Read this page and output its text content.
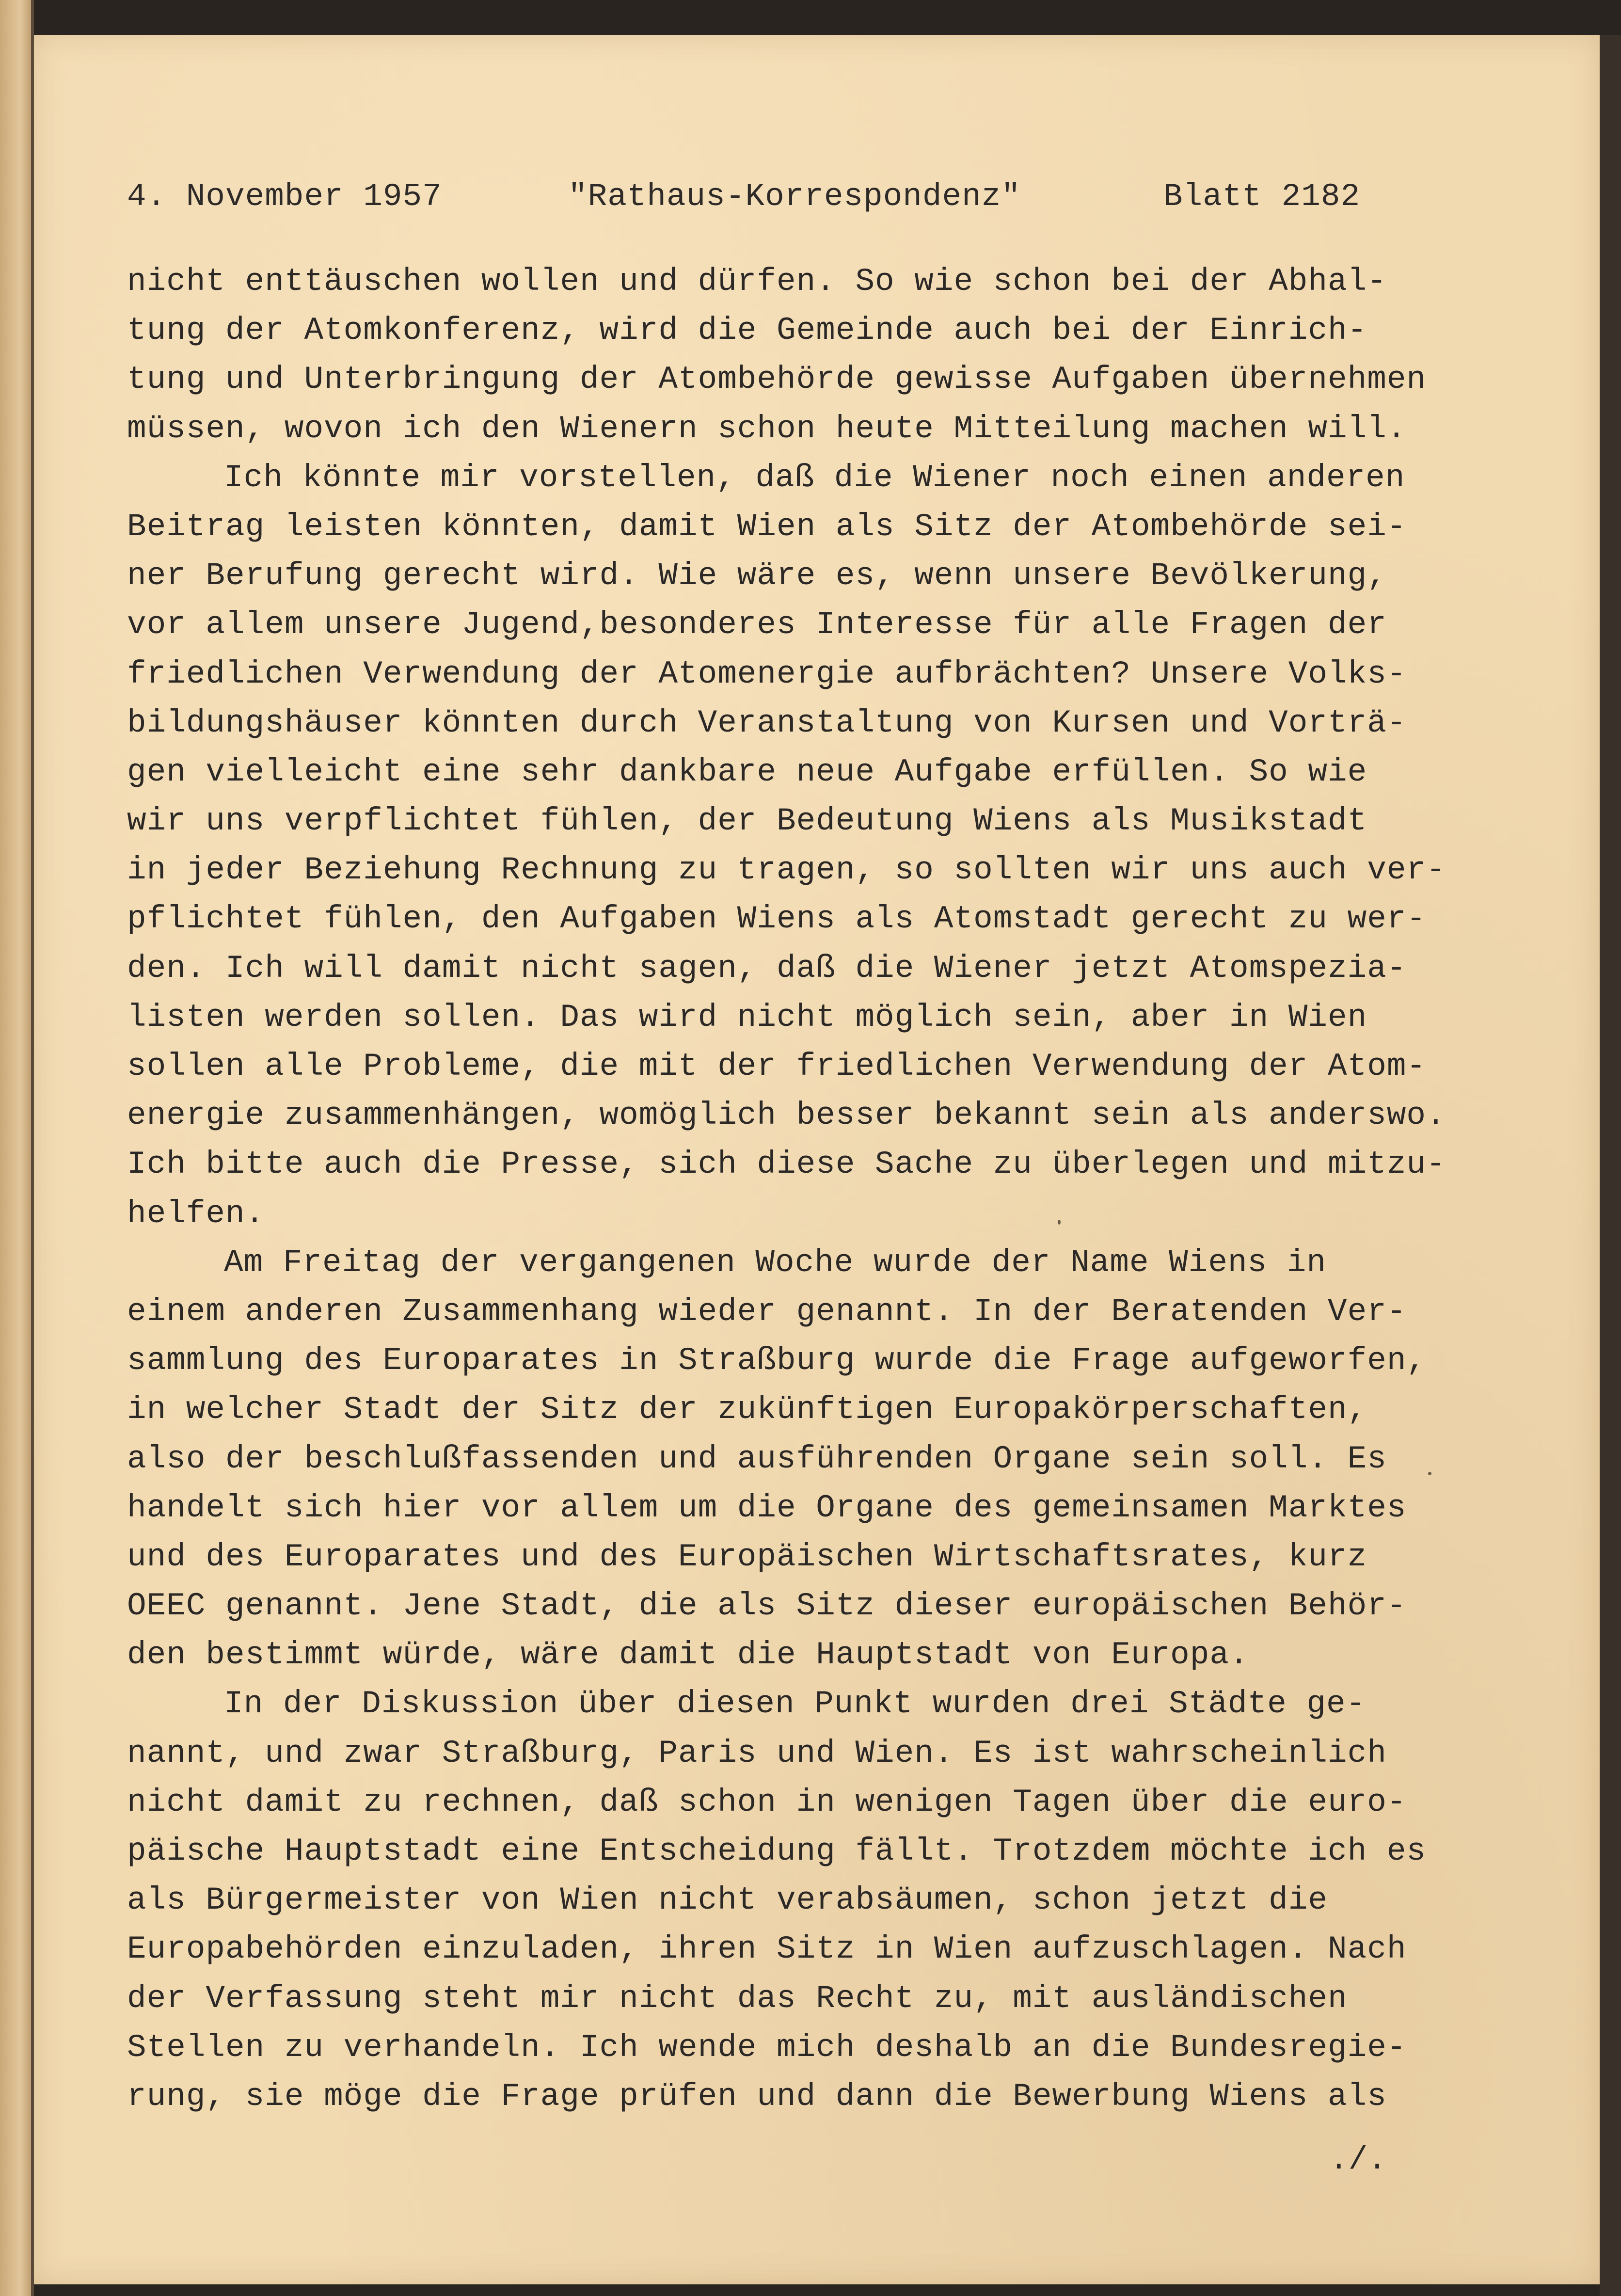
4. November 1957	"Rathaus-Korrespondenz"	Blatt 2182
nicht enttäuschen wollen und dürfen. So wie schon bei der Abhal-
tung der Atomkonferenz, wird die Gemeinde auch bei der Einrich-
tung und Unterbringung der Atombehörde gewisse Aufgaben übernehmen
müssen, wovon ich den Wienern schon heute Mitteilung machen will.
Ich könnte mir vorstellen, daß die Wiener noch einen anderen
Beitrag leisten könnten, damit Wien als Sitz der Atombehörde sei-
ner Berufung gerecht wird. Wie wäre es, wenn unsere Bevölkerung,
vor allem unsere Jugend,besonderes Interesse für alle Fragen der
friedlichen Verwendung der Atomenergie aufbrächten? Unsere Volks-
bildungshäuser könnten durch Veranstaltung von Kursen und Vorträ-
gen vielleicht eine sehr dankbare neue Aufgabe erfüllen. So wie
wir uns verpflichtet fühlen, der Bedeutung Wiens als Musikstadt
in jeder Beziehung Rechnung zu tragen, so sollten wir uns auch ver-
pflichtet fühlen, den Aufgaben Wiens als Atomstadt gerecht zu wer-
den. Ich will damit nicht sagen, daß die Wiener jetzt Atomspezia-
listen werden sollen. Das wird nicht möglich sein, aber in Wien
sollen alle Probleme, die mit der friedlichen Verwendung der Atom-
energie zusammenhängen, womöglich besser bekannt sein als anderswo.
Ich bitte auch die Presse, sich diese Sache zu überlegen und mitzu-
helfen.
Am Freitag der vergangenen Woche wurde der Name Wiens in
einem anderen Zusammenhang wieder genannt. In der Beratenden Ver-
sammlung des Europarates in Straßburg wurde die Frage aufgeworfen,
in welcher Stadt der Sitz der zukünftigen Europakörperschaften,
also der beschlußfassenden und ausführenden Organe sein soll. Es
handelt sich hier vor allem um die Organe des gemeinsamen Marktes
und des Europarates und des Europäischen Wirtschaftsrates, kurz
OEEC genannt. Jene Stadt, die als Sitz dieser europäischen Behör-
den bestimmt würde, wäre damit die Hauptstadt von Europa.
In der Diskussion über diesen Punkt wurden drei Städte ge-
nannt, und zwar Straßburg, Paris und Wien. Es ist wahrscheinlich
nicht damit zu rechnen, daß schon in wenigen Tagen über die euro-
päische Hauptstadt eine Entscheidung fällt. Trotzdem möchte ich es
als Bürgermeister von Wien nicht verabsäumen, schon jetzt die
Europabehörden einzuladen, ihren Sitz in Wien aufzuschlagen. Nach
der Verfassung steht mir nicht das Recht zu, mit ausländischen
Stellen zu verhandeln. Ich wende mich deshalb an die Bundesregie-
rung, sie möge die Frage prüfen und dann die Bewerbung Wiens als
./.
